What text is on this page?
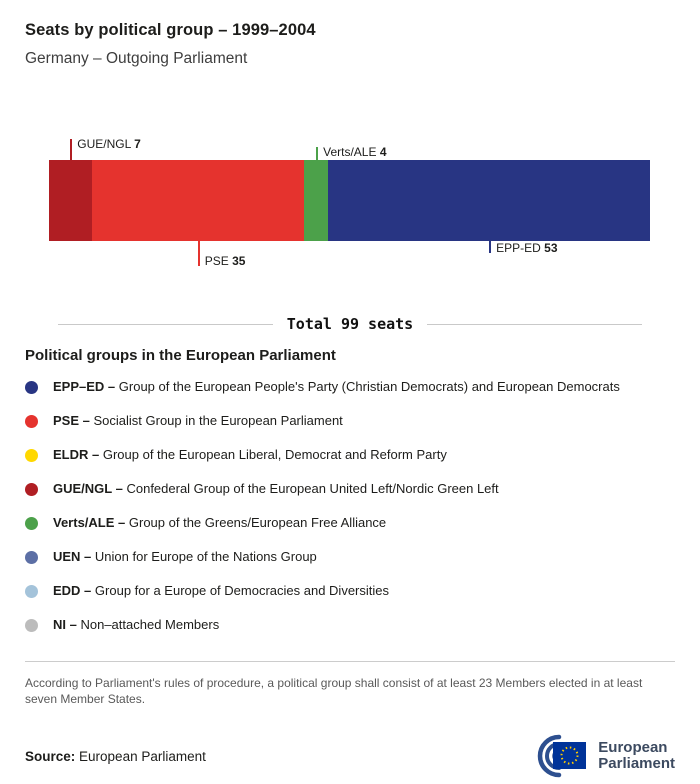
Seats by political group – 1999–2004
Germany – Outgoing Parliament
GUE/NGL 7
PSE 35
Verts/ALE 4
EPP-ED 53
Total 99 seats
Political groups in the European Parliament
EPP–ED – Group of the European People's Party (Christian Democrats) and European Democrats
PSE – Socialist Group in the European Parliament
ELDR – Group of the European Liberal, Democrat and Reform Party
GUE/NGL – Confederal Group of the European United Left/Nordic Green Left
Verts/ALE – Group of the Greens/European Free Alliance
UEN – Union for Europe of the Nations Group
EDD – Group for a Europe of Democracies and Diversities
NI – Non–attached Members
According to Parliament's rules of procedure, a political group shall consist of at least 23 Members elected in at least seven Member States.
Source: European Parliament	European
Parliament
